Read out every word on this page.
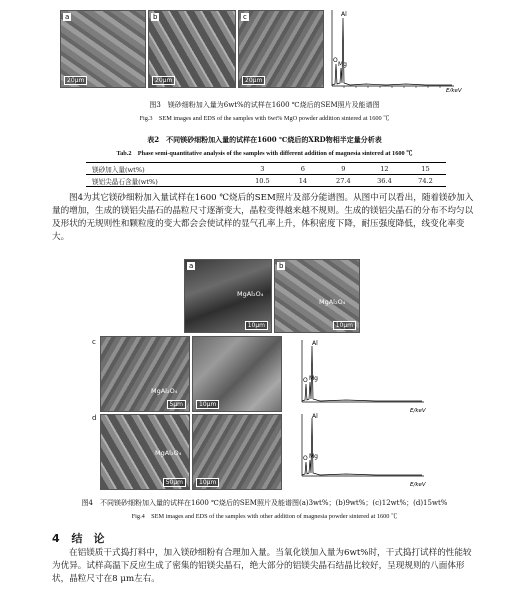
a
20μm
b
20μm
c
20μm
O
Mg
Al
E/keV
图3　镁砂细粉加入量为6wt%的试样在1600 ℃烧后的SEM照片及能谱图
Fig.3　SEM images and EDS of the samples with 6wt% MgO powder addition sintered at 1600 ℃
表2　不同镁砂细粉加入量的试样在1600 ℃烧后的XRD物相半定量分析表
Tab.2　Phase semi-quantitative analysis of the samples with different addition of magnesia sintered at 1600 ℃
镁砂加入量(wt%)	3	6	9	12	15
镁铝尖晶石含量(wt%)	10.5	14	27.4	36.4	74.2
图4为其它镁砂细粉加入量试样在1600 ℃烧后的SEM照片及部分能谱图。从图中可以看出，随着镁砂加入量的增加，生成的镁铝尖晶石的晶粒尺寸逐渐变大，晶粒变得越来越不规则。生成的镁铝尖晶石的分布不均匀以及形状的无规则性和颗粒度的变大都会会使试样的显气孔率上升，体积密度下降，耐压强度降低，线变化率变大。
a
MgAl₂O₄
10μm
b
MgAl₂O₄
10μm
c
MgAl₂O₄
5μm	10μm
O Mg
Al
E/keV
d
MgAl₂O₄
50μm	10μm
O Mg
Al
E/keV
图4　不同镁砂细粉加入量的试样在1600 ℃烧后的SEM照片及能谱图(a)3wt%；(b)9wt%；(c)12wt%；(d)15wt%
Fig.4　SEM images and EDS of the samples with other addition of magnesia powder sintered at 1600 ℃
4 结　论
在铝镁质干式捣打料中，加入镁砂细粉有合理加入量。当氧化镁加入量为6wt%时，干式捣打试样的性能较为优异。试样高温下反应生成了密集的铝镁尖晶石，绝大部分的铝镁尖晶石结晶比较好，呈现规则的八面体形状，晶粒尺寸在8 μm左右。
